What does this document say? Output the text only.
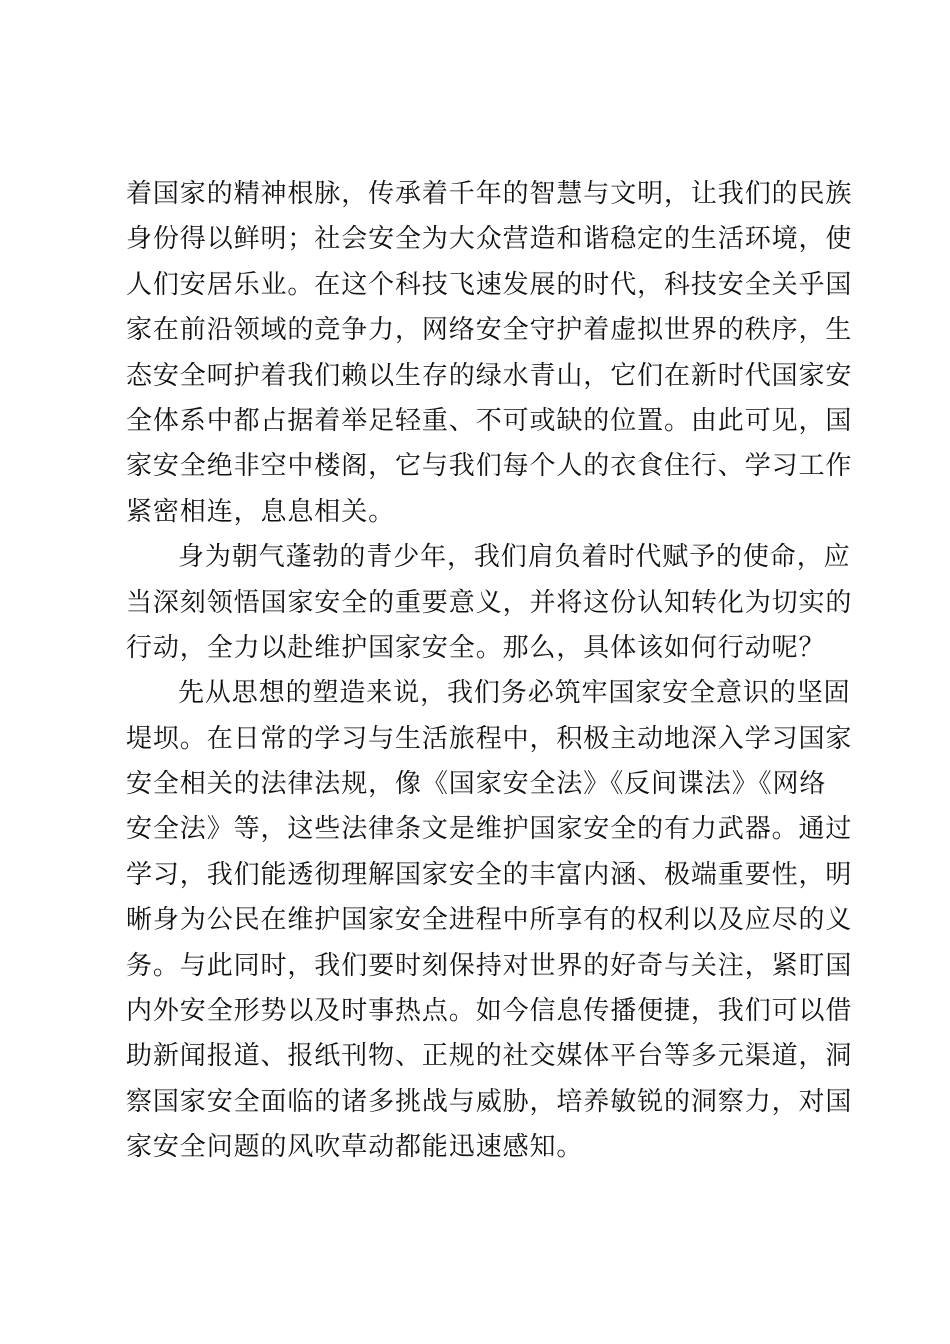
着国家的精神根脉，传承着千年的智慧与文明，让我们的民族
身份得以鲜明；社会安全为大众营造和谐稳定的生活环境，使
人们安居乐业。在这个科技飞速发展的时代，科技安全关乎国
家在前沿领域的竞争力，网络安全守护着虚拟世界的秩序，生
态安全呵护着我们赖以生存的绿水青山，它们在新时代国家安
全体系中都占据着举足轻重、不可或缺的位置。由此可见，国
家安全绝非空中楼阁，它与我们每个人的衣食住行、学习工作
紧密相连，息息相关。
身为朝气蓬勃的青少年，我们肩负着时代赋予的使命，应
当深刻领悟国家安全的重要意义，并将这份认知转化为切实的
行动，全力以赴维护国家安全。那么，具体该如何行动呢？
先从思想的塑造来说，我们务必筑牢国家安全意识的坚固
堤坝。在日常的学习与生活旅程中，积极主动地深入学习国家
安全相关的法律法规，像《国家安全法》《反间谍法》《网络
安全法》等，这些法律条文是维护国家安全的有力武器。通过
学习，我们能透彻理解国家安全的丰富内涵、极端重要性，明
晰身为公民在维护国家安全进程中所享有的权利以及应尽的义
务。与此同时，我们要时刻保持对世界的好奇与关注，紧盯国
内外安全形势以及时事热点。如今信息传播便捷，我们可以借
助新闻报道、报纸刊物、正规的社交媒体平台等多元渠道，洞
察国家安全面临的诸多挑战与威胁，培养敏锐的洞察力，对国
家安全问题的风吹草动都能迅速感知。
